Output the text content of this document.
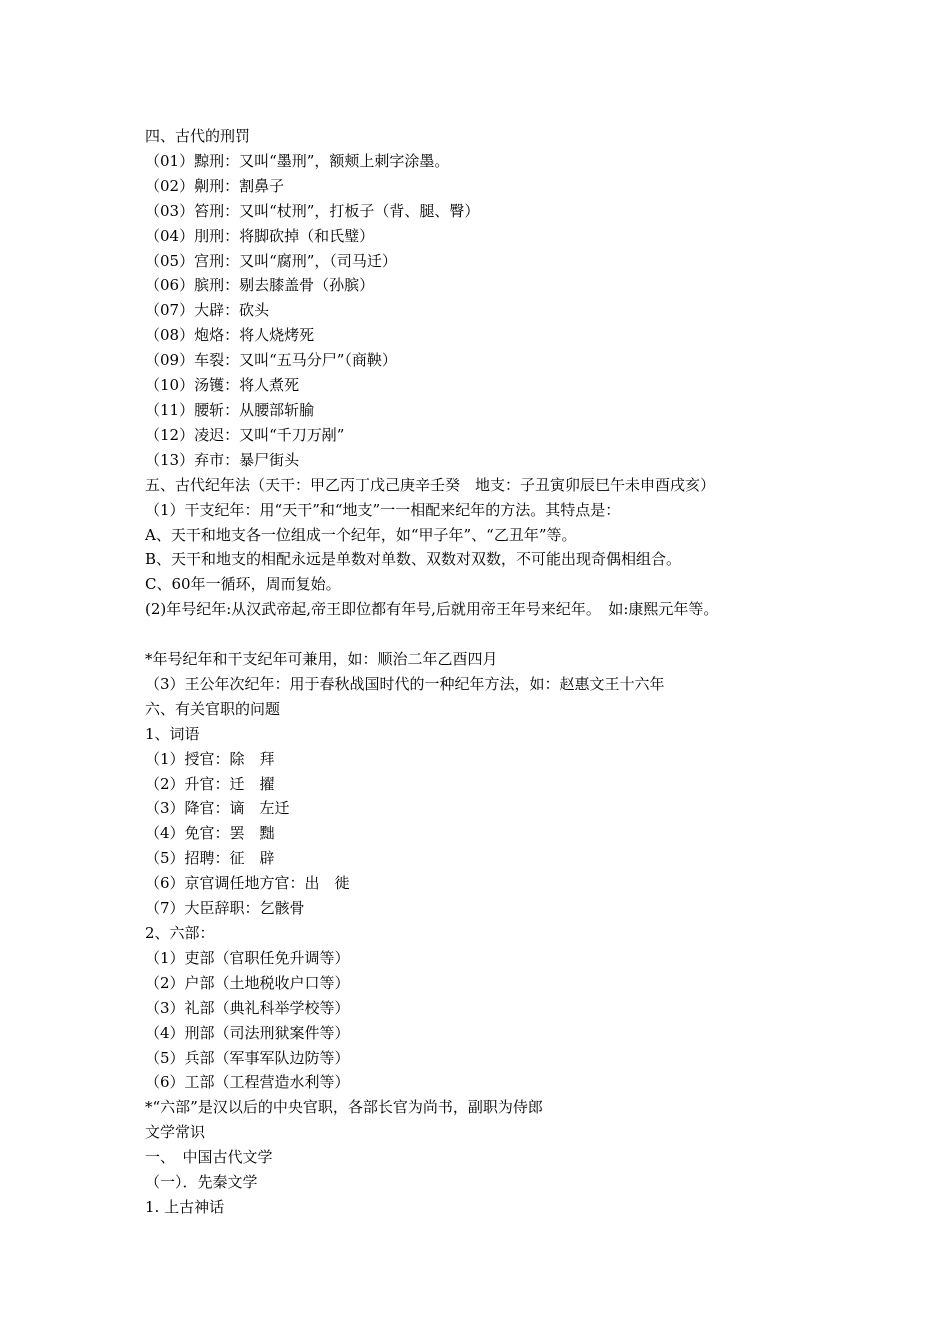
四、古代的刑罚

（01）黥刑：又叫“墨刑”，额颊上刺字涂墨。

（02）劓刑：割鼻子

（03）笞刑：又叫“杖刑”，打板子（背、腿、臀）

（04）刖刑：将脚砍掉（和氏璧）

（05）宫刑：又叫“腐刑”，（司马迁）

（06）膑刑：剔去膝盖骨（孙膑）

（07）大辟：砍头

（08）炮烙：将人烧烤死

（09）车裂：又叫“五马分尸”（商鞅）

（10）汤镬：将人煮死

（11）腰斩：从腰部斩腧

（12）凌迟：又叫“千刀万剐”

（13）弃市：暴尸街头

五、古代纪年法（天干：甲乙丙丁戊己庚辛壬癸　地支：子丑寅卯辰巳午未申酉戌亥）

（1）干支纪年：用“天干”和“地支”一一相配来纪年的方法。其特点是：

A、天干和地支各一位组成一个纪年，如“甲子年”、“乙丑年”等。

B、天干和地支的相配永远是单数对单数、双数对双数，不可能出现奇偶相组合。

C、60年一循环，周而复始。

(2)年号纪年:从汉武帝起,帝王即位都有年号,后就用帝王年号来纪年。　如:康熙元年等。

*年号纪年和干支纪年可兼用，如：顺治二年乙酉四月

（3）王公年次纪年：用于春秋战国时代的一种纪年方法，如：赵惠文王十六年

六、有关官职的问题

1、词语

（1）授官：除　拜

（2）升官：迁　擢

（3）降官：谪　左迁

（4）免官：罢　黜

（5）招聘：征　辟

（6）京官调任地方官：出　徙

（7）大臣辞职：乞骸骨

2、六部：

（1）吏部（官职任免升调等）

（2）户部（土地税收户口等）

（3）礼部（典礼科举学校等）

（4）刑部（司法刑狱案件等）

（5）兵部（军事军队边防等）

（6）工部（工程营造水利等）

*“六部”是汉以后的中央官职，各部长官为尚书，副职为侍郎

文学常识

一、　中国古代文学

（一）．先秦文学

1. 上古神话
